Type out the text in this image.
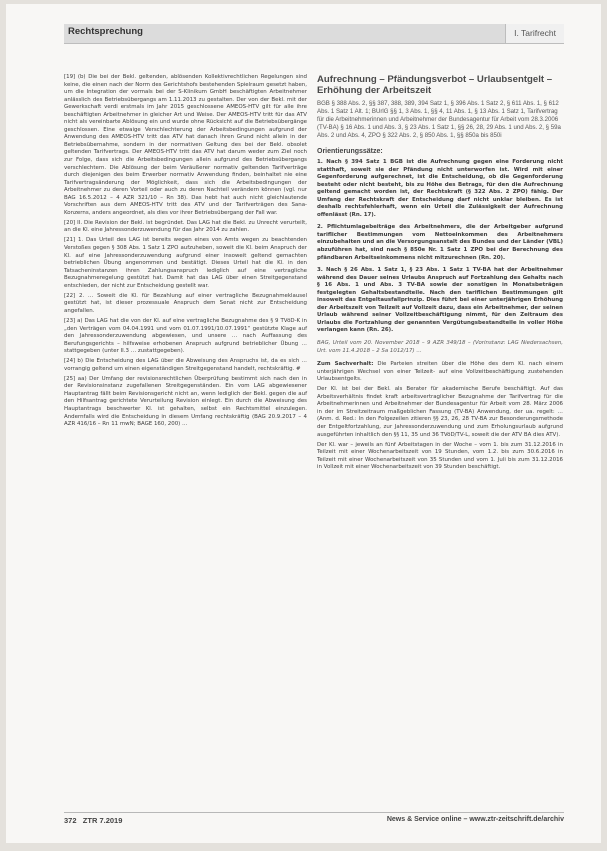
Rechtsprechung	I. Tarifrecht

[19] (b) Die bei der Bekl. geltenden, ablösenden Kollektivrechtlichen Regelungen sind keine, die einen nach der Norm des Gerichtshofs bestehenden Spielraum gesetzt haben, um die Integration der vormals bei der S-Klinikum GmbH beschäftigten Arbeitnehmer anlässlich des Betriebsübergangs am 1.11.2013 zu gestalten. Der von der Bekl. mit der Gewerkschaft verdi erstmals im Jahr 2015 geschlossene AMEOS-HTV gilt für alle ihre beschäftigten Arbeitnehmer in gleicher Art und Weise. Der AMEOS-HTV tritt für das ATV nicht als vereinbarte Ablösung ein und wurde ohne Rücksicht auf die Betriebsübergänge geschlossen. Eine etwaige Verschlechterung der Arbeitsbedingungen aufgrund der Anwendung des AMEOS-HTV tritt das ATV hat danach ihren Grund nicht allein in der Betriebsübernahme, sondern in der normativen Geltung des bei der Bekl. obsolet geltenden Tarifvertrags. Der AMEOS-HTV tritt das ATV hat darum weder zum Ziel noch zur Folge, dass sich die Arbeitsbedingungen allein aufgrund des Betriebsübergangs verschlechtern. Die Ablösung der beim Veräußerer normativ geltenden Tarifverträge durch diejenigen des beim Erwerber normativ Anwendung finden, beinhaltet nie eine Tarifvertragsänderung der Möglichkeit, dass sich die Arbeitsbedingungen der Arbeitnehmer zu deren Vorteil oder auch zu deren Nachteil verändern können (vgl. nur BAG 16.5.2012 – 4 AZR 321/10 – Rn 38). Das hebt hat auch nicht gleichlautende Vorschriften aus dem AMEOS-HTV tritt des ATV und der Tarifverträgen des Sana-Konzerns, anders angeordnet, als dies vor ihrer Betriebsübergang der Fall war.

[20] II. Die Revision der Bekl. ist begründet. Das LAG hat die Bekl. zu Unrecht verurteilt, an die Kl. eine Jahressonderzuwendung für das Jahr 2014 zu zahlen.

[21] 1. Das Urteil des LAG ist bereits wegen eines von Amts wegen zu beachtenden Verstoßes gegen § 308 Abs. 1 Satz 1 ZPO aufzuheben, soweit die Kl. beim Anspruch der Kl. auf eine Jahressonderzuwendung aufgrund einer insoweit geltend gemachten betrieblichen Übung angenommen und bestätigt. Dieses Urteil hat die Kl. in den Tatsacheninstanzen ihren Zahlungsanspruch lediglich auf eine vertragliche Bezugnahmeregelung gestützt hat. Damit hat das LAG über einen Streitgegenstand entschieden, der nicht zur Entscheidung gestellt war.

[22] 2. … Soweit die Kl. für Bezahlung auf einer vertragliche Bezugnahmeklausel gestützt hat, ist dieser prozessuale Anspruch dem Senat nicht zur Entscheidung angefallen.

[23] a) Das LAG hat die von der Kl. auf eine vertragliche Bezugnahme des § 9 TVöD-K in „den Verträgen vom 04.04.1991 und vom 01.07.1991/10.07.1991“ gestützte Klage auf den Jahressonderzuwendung abgewiesen, und unsere … nach Auffassung des Berufungsgerichts – hilfsweise erhobenen Anspruch aufgrund betrieblicher Übung … stattgegeben (unter II.3 … zustattgegeben).

[24] b) Die Entscheidung des LAG über die Abweisung des Anspruchs ist, da es sich … vorrangig geltend um einen eigenständigen Streitgegenstand handelt, rechtskräftig. #

[25] aa) Der Umfang der revisionsrechtlichen Überprüfung bestimmt sich nach den in der Revisionsinstanz zugefallenen Streitgegenständen. Ein vom LAG abgewiesener Hauptantrag fällt beim Revisionsgericht nicht an, wenn lediglich der Bekl. gegen die auf den Hilfsantrag gerichtete Verurteilung Revision einlegt. Ein durch die Abweisung des Hauptantrags beschwerter Kl. ist gehalten, selbst ein Rechtsmittel einzulegen. Andernfalls wird die Entscheidung in diesem Umfang rechtskräftig (BAG 20.9.2017 – 4 AZR 416/16 – Rn 11 mwN; BAGE 160, 200) …

Aufrechnung – Pfändungsverbot – Urlaubsentgelt – Erhöhung der Arbeitszeit

BGB § 388 Abs. 2, §§ 387, 388, 389, 394 Satz 1, § 396 Abs. 1 Satz 2, § 611 Abs. 1, § 612 Abs. 1 Satz 1 Alt. 1; BUrlG §§ 1, 3 Abs. 1, §§ 4, 11 Abs. 1, § 13 Abs. 1 Satz 1, Tarifvertrag für die Arbeitnehmerinnen und Arbeitnehmer der Bundesagentur für Arbeit vom 28.3.2006 (TV-BA) § 16 Abs. 1 und Abs. 3, § 23 Abs. 1 Satz 1, §§ 26, 28, 29 Abs. 1 und Abs. 2, § 59a Abs. 2 und Abs. 4, ZPO § 322 Abs. 2, § 850 Abs. 1, §§ 850a bis 850i

Orientierungssätze:

1. Nach § 394 Satz 1 BGB ist die Aufrechnung gegen eine Forderung nicht statthaft, soweit sie der Pfändung nicht unterworfen ist. Wird mit einer Gegenforderung aufgerechnet, ist die Entscheidung, ob die Gegenforderung besteht oder nicht besteht, bis zu Höhe des Betrags, für den die Aufrechnung geltend gemacht worden ist, der Rechtskraft (§ 322 Abs. 2 ZPO) fähig. Der Umfang der Rechtskraft der Entscheidung darf nicht unklar bleiben. Es ist deshalb rechtsfehlerhaft, wenn ein Urteil die Zulässigkeit der Aufrechnung offenlässt (Rn. 17).

2. Pflichtumlagebeiträge des Arbeitnehmers, die der Arbeitgeber aufgrund tariflicher Bestimmungen vom Nettoeinkommen des Arbeitnehmers einzubehalten und an die Versorgungsanstalt des Bundes und der Länder (VBL) abzuführen hat, sind nach § 850e Nr. 1 Satz 1 ZPO bei der Berechnung des pfändbaren Arbeitseinkommens nicht mitzurechnen (Rn. 20).

3. Nach § 26 Abs. 1 Satz 1, § 23 Abs. 1 Satz 1 TV-BA hat der Arbeitnehmer während des Dauer seines Urlaubs Anspruch auf Fortzahlung des Gehalts nach § 16 Abs. 1 und Abs. 3 TV-BA sowie der sonstigen in Monatsbeträgen festgelegten Gehaltsbestandteile. Nach den tariflichen Bestimmungen gilt insoweit das Entgeltausfallprinzip. Dies führt bei einer unterjährigen Erhöhung der Arbeitszeit von Teilzeit auf Vollzeit dazu, dass ein Arbeitnehmer, der seinen Urlaub während seiner Vollzeitbeschäftigung nimmt, für den Zeitraum des Urlaubs die Fortzahlung der genannten Vergütungsbestandteile in voller Höhe verlangen kann (Rn. 26).

BAG, Urteil vom 20. November 2018 – 9 AZR 349/18 – (Vorinstanz: LAG Niedersachsen, Urt. vom 11.4.2018 – 2 Sa 1012/17) …

Zum Sachverhalt: Die Parteien streiten über die Höhe des dem Kl. nach einem unterjährigen Wechsel von einer Teilzeit- auf eine Vollzeitbeschäftigung zustehenden Urlaubsentgelts.

Der Kl. ist bei der Bekl. als Berater für akademische Berufe beschäftigt. Auf das Arbeitsverhältnis findet kraft arbeitsvertraglicher Bezugnahme der Tarifvertrag für die Arbeitnehmerinnen und Arbeitnehmer der Bundesagentur für Arbeit vom 28. März 2006 in der im Streitzeitraum maßgeblichen Fassung (TV-BA) Anwendung, der ua. regelt: … (Anm. d. Red.: In den Folgezeilen zitieren §§ 23, 26, 28 TV-BA zur Besonderungsmethode der Entgeltfortzahlung, zur Jahressonderzuwendung und zum Erholungsurlaub aufgrund ausgeführten inhaltlich den §§ 11, 35 und 36 TVöD/TV-L, soweit die der ATV BA dies ATV).

Der Kl. war – jeweils an fünf Arbeitstagen in der Woche – vom 1. bis zum 31.12.2016 in Teilzeit mit einer Wochenarbeitszeit von 19 Stunden, vom 1.2. bis zum 30.6.2016 in Teilzeit mit einer Wochenarbeitszeit von 35 Stunden und vom 1. Juli bis zum 31.12.2016 in Vollzeit mit einer Wochenarbeitszeit von 39 Stunden beschäftigt.

372 ZTR 7.2019	News & Service online – www.ztr-zeitschrift.de/archiv
